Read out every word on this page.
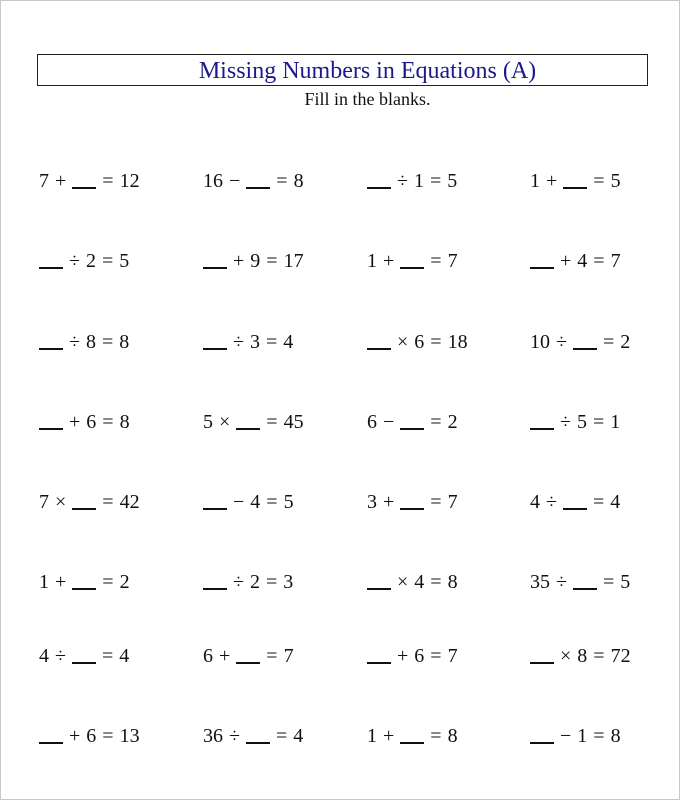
Missing Numbers in Equations (A)

Fill in the blanks.

7 + = 12	16 − = 8	÷ 1 = 5	1 + = 5
÷ 2 = 5	+ 9 = 17	1 + = 7	+ 4 = 7
÷ 8 = 8	÷ 3 = 4	× 6 = 18	10 ÷ = 2
+ 6 = 8	5 × = 45	6 − = 2	÷ 5 = 1
7 × = 42	− 4 = 5	3 + = 7	4 ÷ = 4
1 + = 2	÷ 2 = 3	× 4 = 8	35 ÷ = 5
4 ÷ = 4	6 + = 7	+ 6 = 7	× 8 = 72
+ 6 = 13	36 ÷ = 4	1 + = 8	− 1 = 8
